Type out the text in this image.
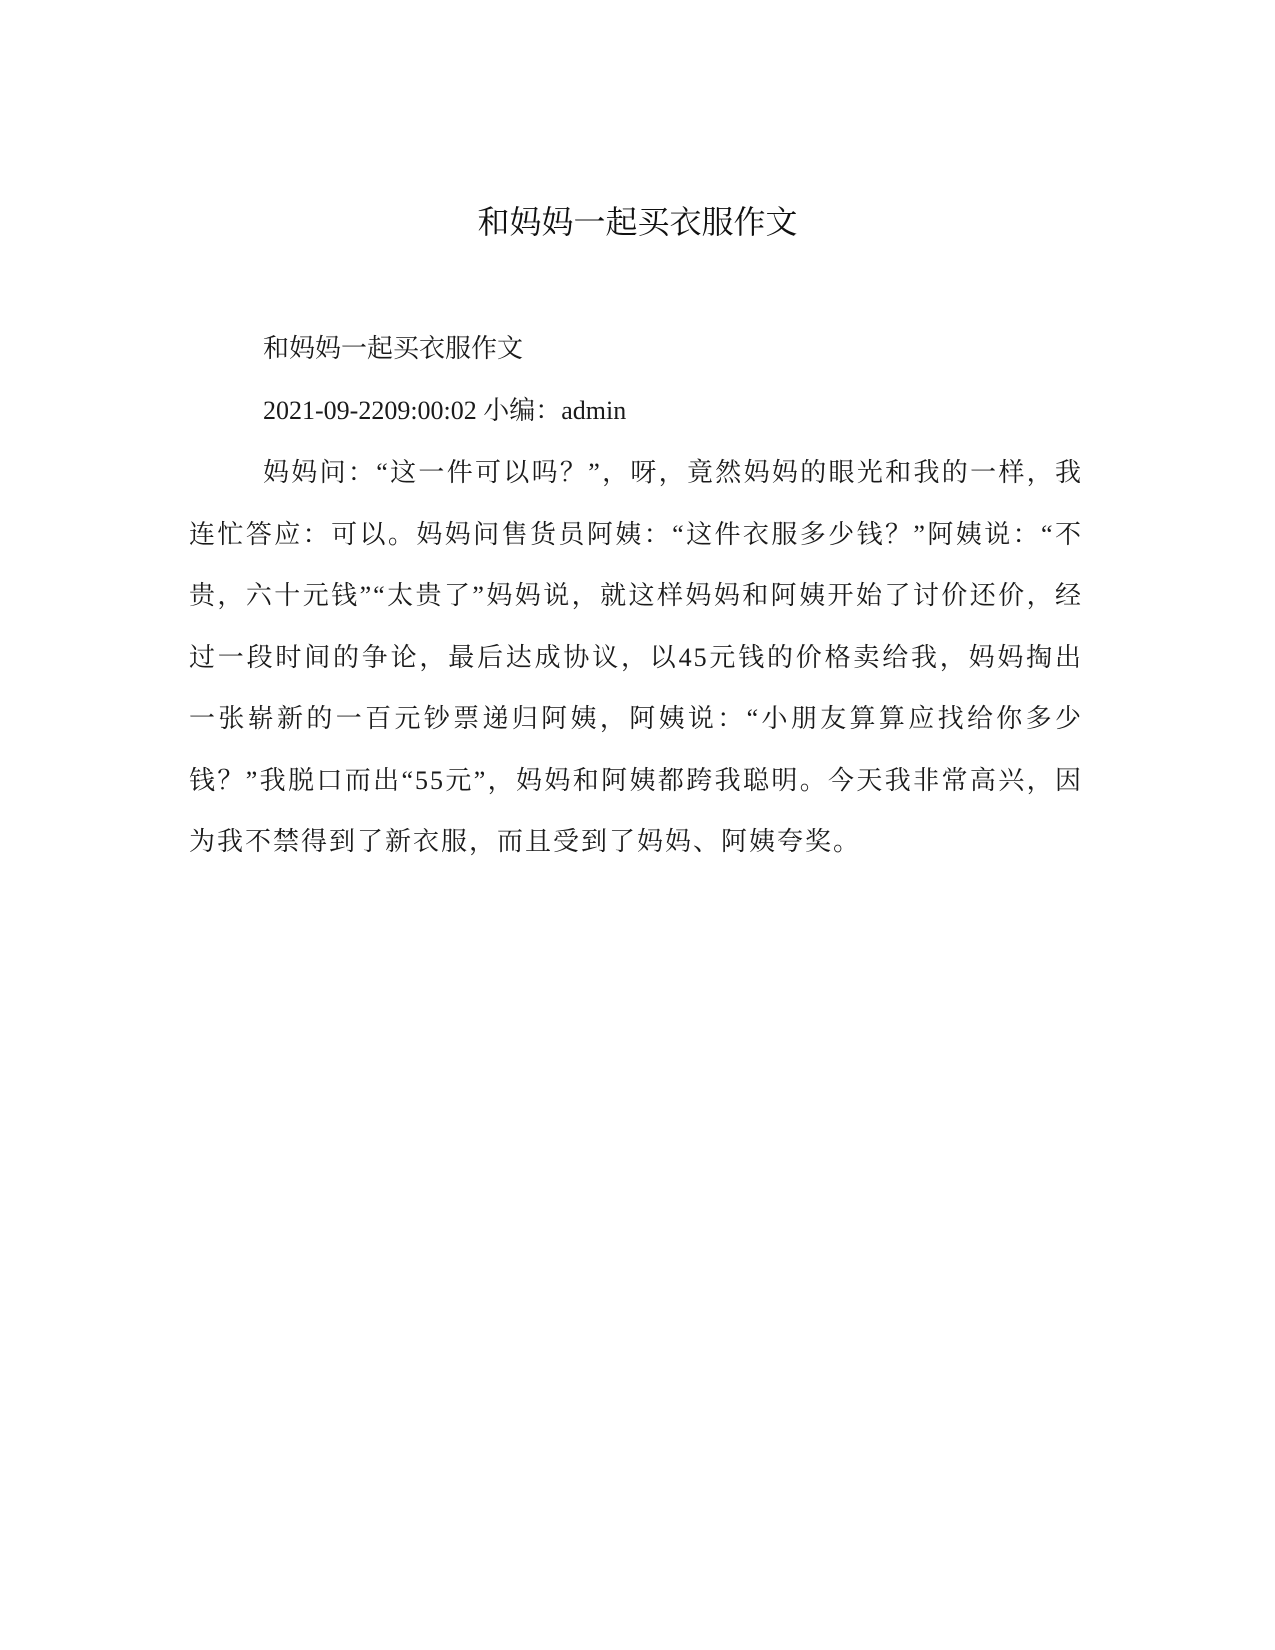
和妈妈一起买衣服作文

和妈妈一起买衣服作文

2021-09-2209:00:02 小编：admin

妈妈问：“这一件可以吗？”，呀，竟然妈妈的眼光和我的一样，我连忙答应：可以。妈妈问售货员阿姨：“这件衣服多少钱？”阿姨说：“不贵，六十元钱”“太贵了”妈妈说，就这样妈妈和阿姨开始了讨价还价，经过一段时间的争论，最后达成协议，以45元钱的价格卖给我，妈妈掏出一张崭新的一百元钞票递归阿姨，阿姨说：“小朋友算算应找给你多少钱？”我脱口而出“55元”，妈妈和阿姨都跨我聪明。今天我非常高兴，因为我不禁得到了新衣服，而且受到了妈妈、阿姨夸奖。
